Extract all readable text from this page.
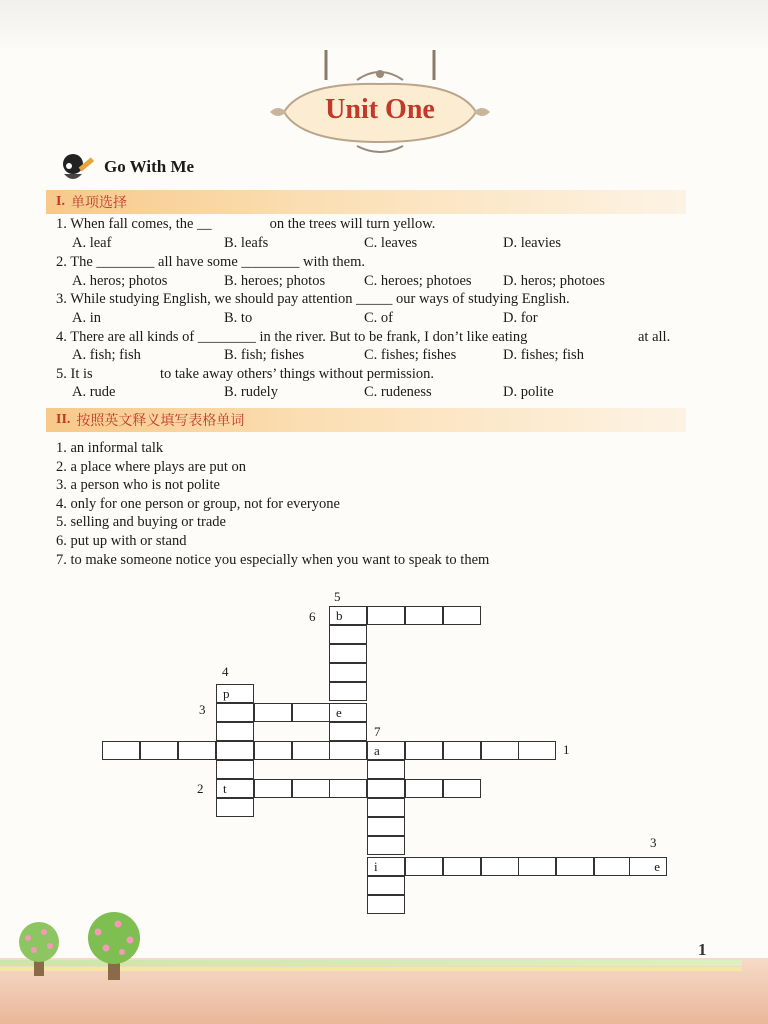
Unit One
Go With Me
I. 单项选择
1. When fall comes, the __	on the trees will turn yellow.
A. leaf	B. leafs	C. leaves	D. leavies
2. The ________ all have some ________ with them.
A. heros; photos	B. heroes; photos	C. heroes; photoes D. heros; photoes
3. While studying English, we should pay attention _____ our ways of studying English.
A. in	B. to	C. of	D. for
4. There are all kinds of ________ in the river. But to be frank, I don’t like eating	at all.
A. fish; fish	B. fish; fishes	C. fishes; fishes	D. fishes; fish
5. It is	to take away others’ things without permission.
A. rude	B. rudely	C. rudeness	D. polite
II. 按照英文释义填写表格单词
1. an informal talk
2. a place where plays are put on
3. a person who is not polite
4. only for one person or group, not for everyone
5. selling and buying or trade
6. put up with or stand
7. to make someone notice you especially when you want to speak to them
5
6
4
3
7
1
2
3
b
p
e
a
t
i	e
1
